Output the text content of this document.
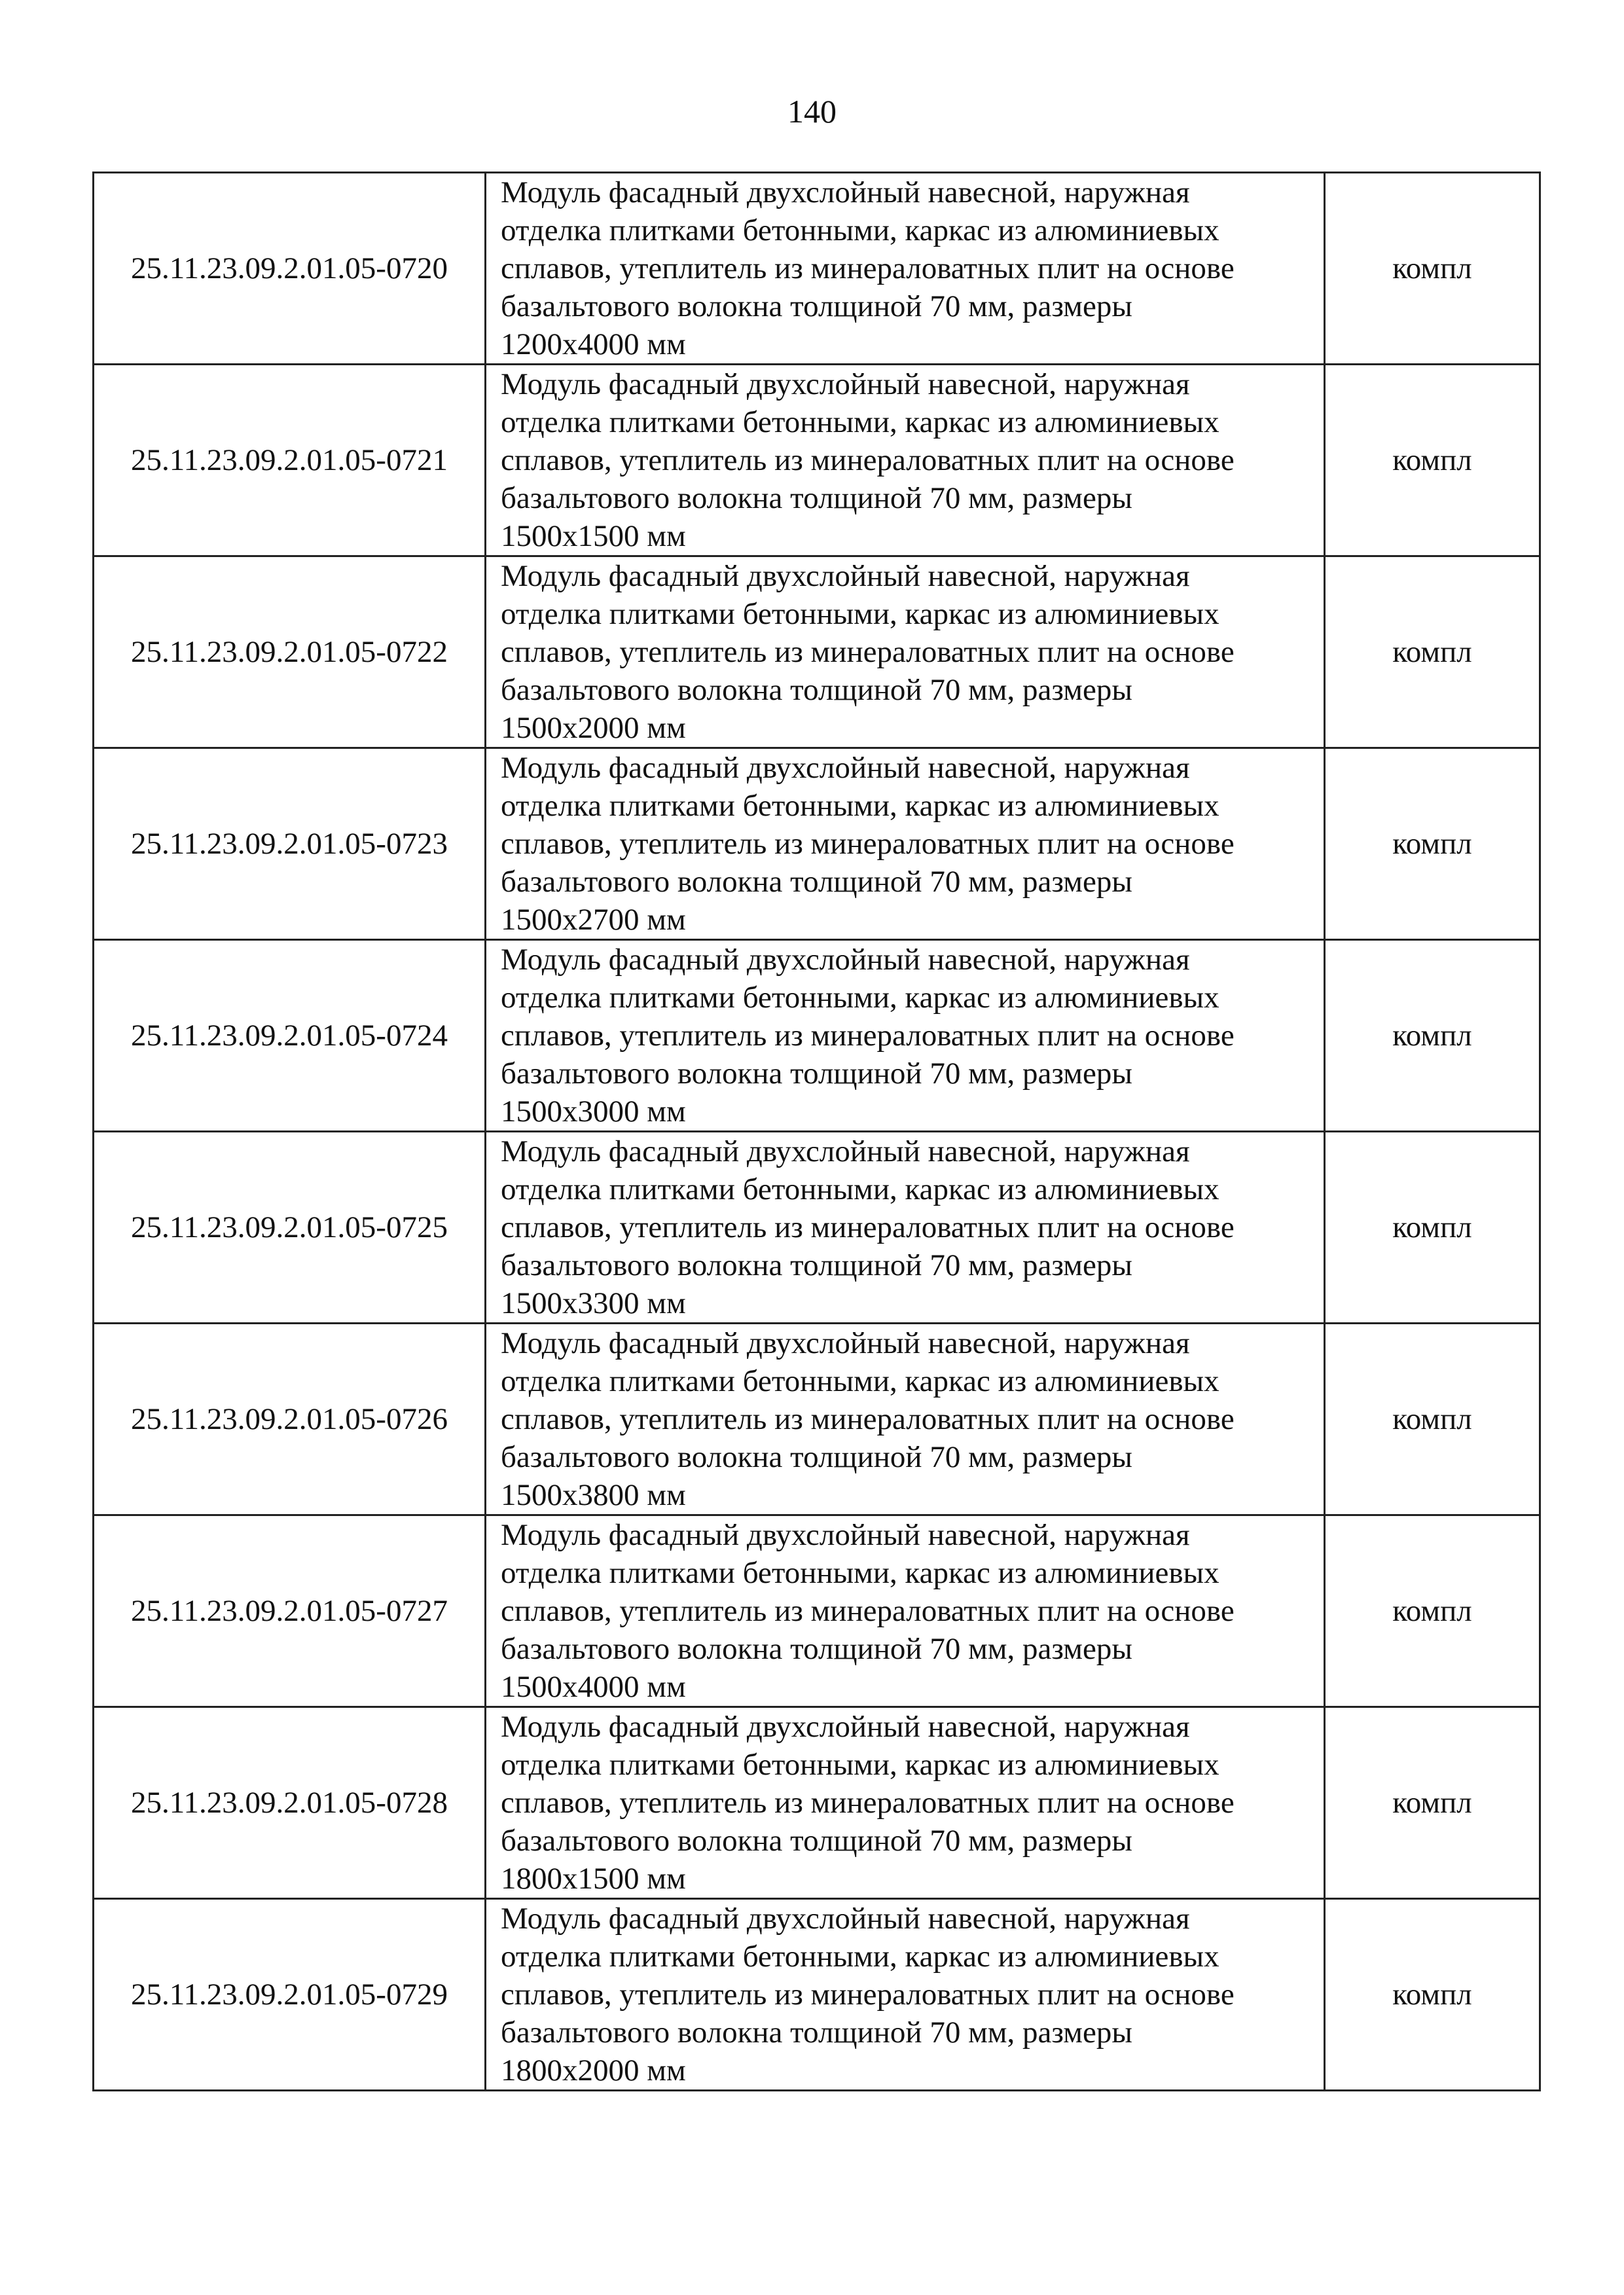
140
25.11.23.09.2.01.05-0720	Модуль фасадный двухслойный навесной, наружная
отделка плитками бетонными, каркас из алюминиевых
сплавов, утеплитель из минераловатных плит на основе
базальтового волокна толщиной 70 мм, размеры
1200х4000 мм	компл
25.11.23.09.2.01.05-0721	Модуль фасадный двухслойный навесной, наружная
отделка плитками бетонными, каркас из алюминиевых
сплавов, утеплитель из минераловатных плит на основе
базальтового волокна толщиной 70 мм, размеры
1500х1500 мм	компл
25.11.23.09.2.01.05-0722	Модуль фасадный двухслойный навесной, наружная
отделка плитками бетонными, каркас из алюминиевых
сплавов, утеплитель из минераловатных плит на основе
базальтового волокна толщиной 70 мм, размеры
1500х2000 мм	компл
25.11.23.09.2.01.05-0723	Модуль фасадный двухслойный навесной, наружная
отделка плитками бетонными, каркас из алюминиевых
сплавов, утеплитель из минераловатных плит на основе
базальтового волокна толщиной 70 мм, размеры
1500х2700 мм	компл
25.11.23.09.2.01.05-0724	Модуль фасадный двухслойный навесной, наружная
отделка плитками бетонными, каркас из алюминиевых
сплавов, утеплитель из минераловатных плит на основе
базальтового волокна толщиной 70 мм, размеры
1500х3000 мм	компл
25.11.23.09.2.01.05-0725	Модуль фасадный двухслойный навесной, наружная
отделка плитками бетонными, каркас из алюминиевых
сплавов, утеплитель из минераловатных плит на основе
базальтового волокна толщиной 70 мм, размеры
1500х3300 мм	компл
25.11.23.09.2.01.05-0726	Модуль фасадный двухслойный навесной, наружная
отделка плитками бетонными, каркас из алюминиевых
сплавов, утеплитель из минераловатных плит на основе
базальтового волокна толщиной 70 мм, размеры
1500х3800 мм	компл
25.11.23.09.2.01.05-0727	Модуль фасадный двухслойный навесной, наружная
отделка плитками бетонными, каркас из алюминиевых
сплавов, утеплитель из минераловатных плит на основе
базальтового волокна толщиной 70 мм, размеры
1500х4000 мм	компл
25.11.23.09.2.01.05-0728	Модуль фасадный двухслойный навесной, наружная
отделка плитками бетонными, каркас из алюминиевых
сплавов, утеплитель из минераловатных плит на основе
базальтового волокна толщиной 70 мм, размеры
1800х1500 мм	компл
25.11.23.09.2.01.05-0729	Модуль фасадный двухслойный навесной, наружная
отделка плитками бетонными, каркас из алюминиевых
сплавов, утеплитель из минераловатных плит на основе
базальтового волокна толщиной 70 мм, размеры
1800х2000 мм	компл
